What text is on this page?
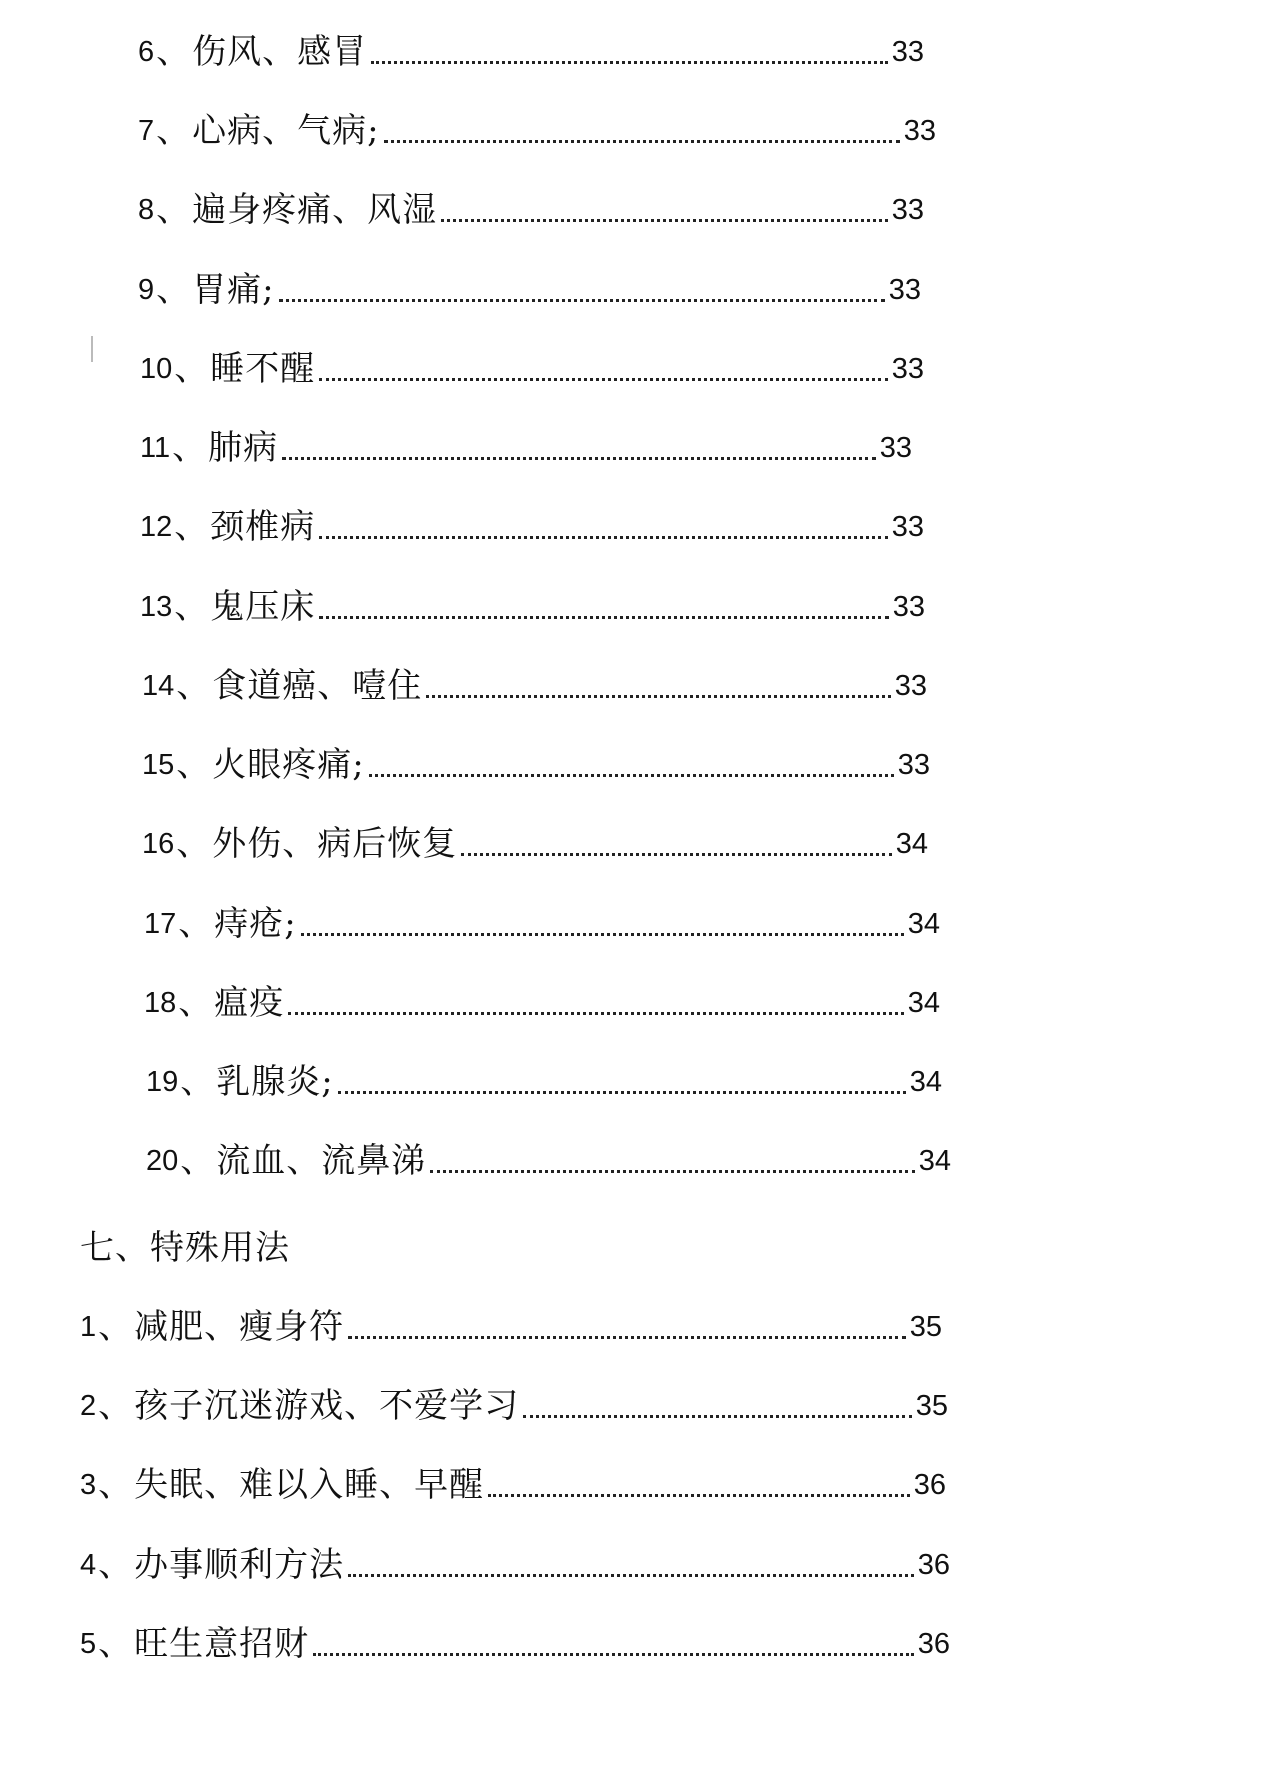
6 、 伤风、感冒	33
7 、 心病、气病;	33
8 、 遍身疼痛、风湿	33
9 、 胃痛;	33
10 、 睡不醒	33
11 、 肺病	33
12 、 颈椎病	33
13 、 鬼压床	33
14 、 食道癌、噎住	33
15 、 火眼疼痛;	33
16 、 外伤、病后恢复	34
17 、 痔疮;	34
18 、 瘟疫	34
19 、 乳腺炎;	34
20 、 流血、流鼻涕	34
七、特殊用法
1 、 减肥、瘦身符	35
2 、 孩子沉迷游戏、不爱学习	35
3 、 失眠、难以入睡、早醒	36
4 、 办事顺利方法	36
5 、 旺生意招财	36
